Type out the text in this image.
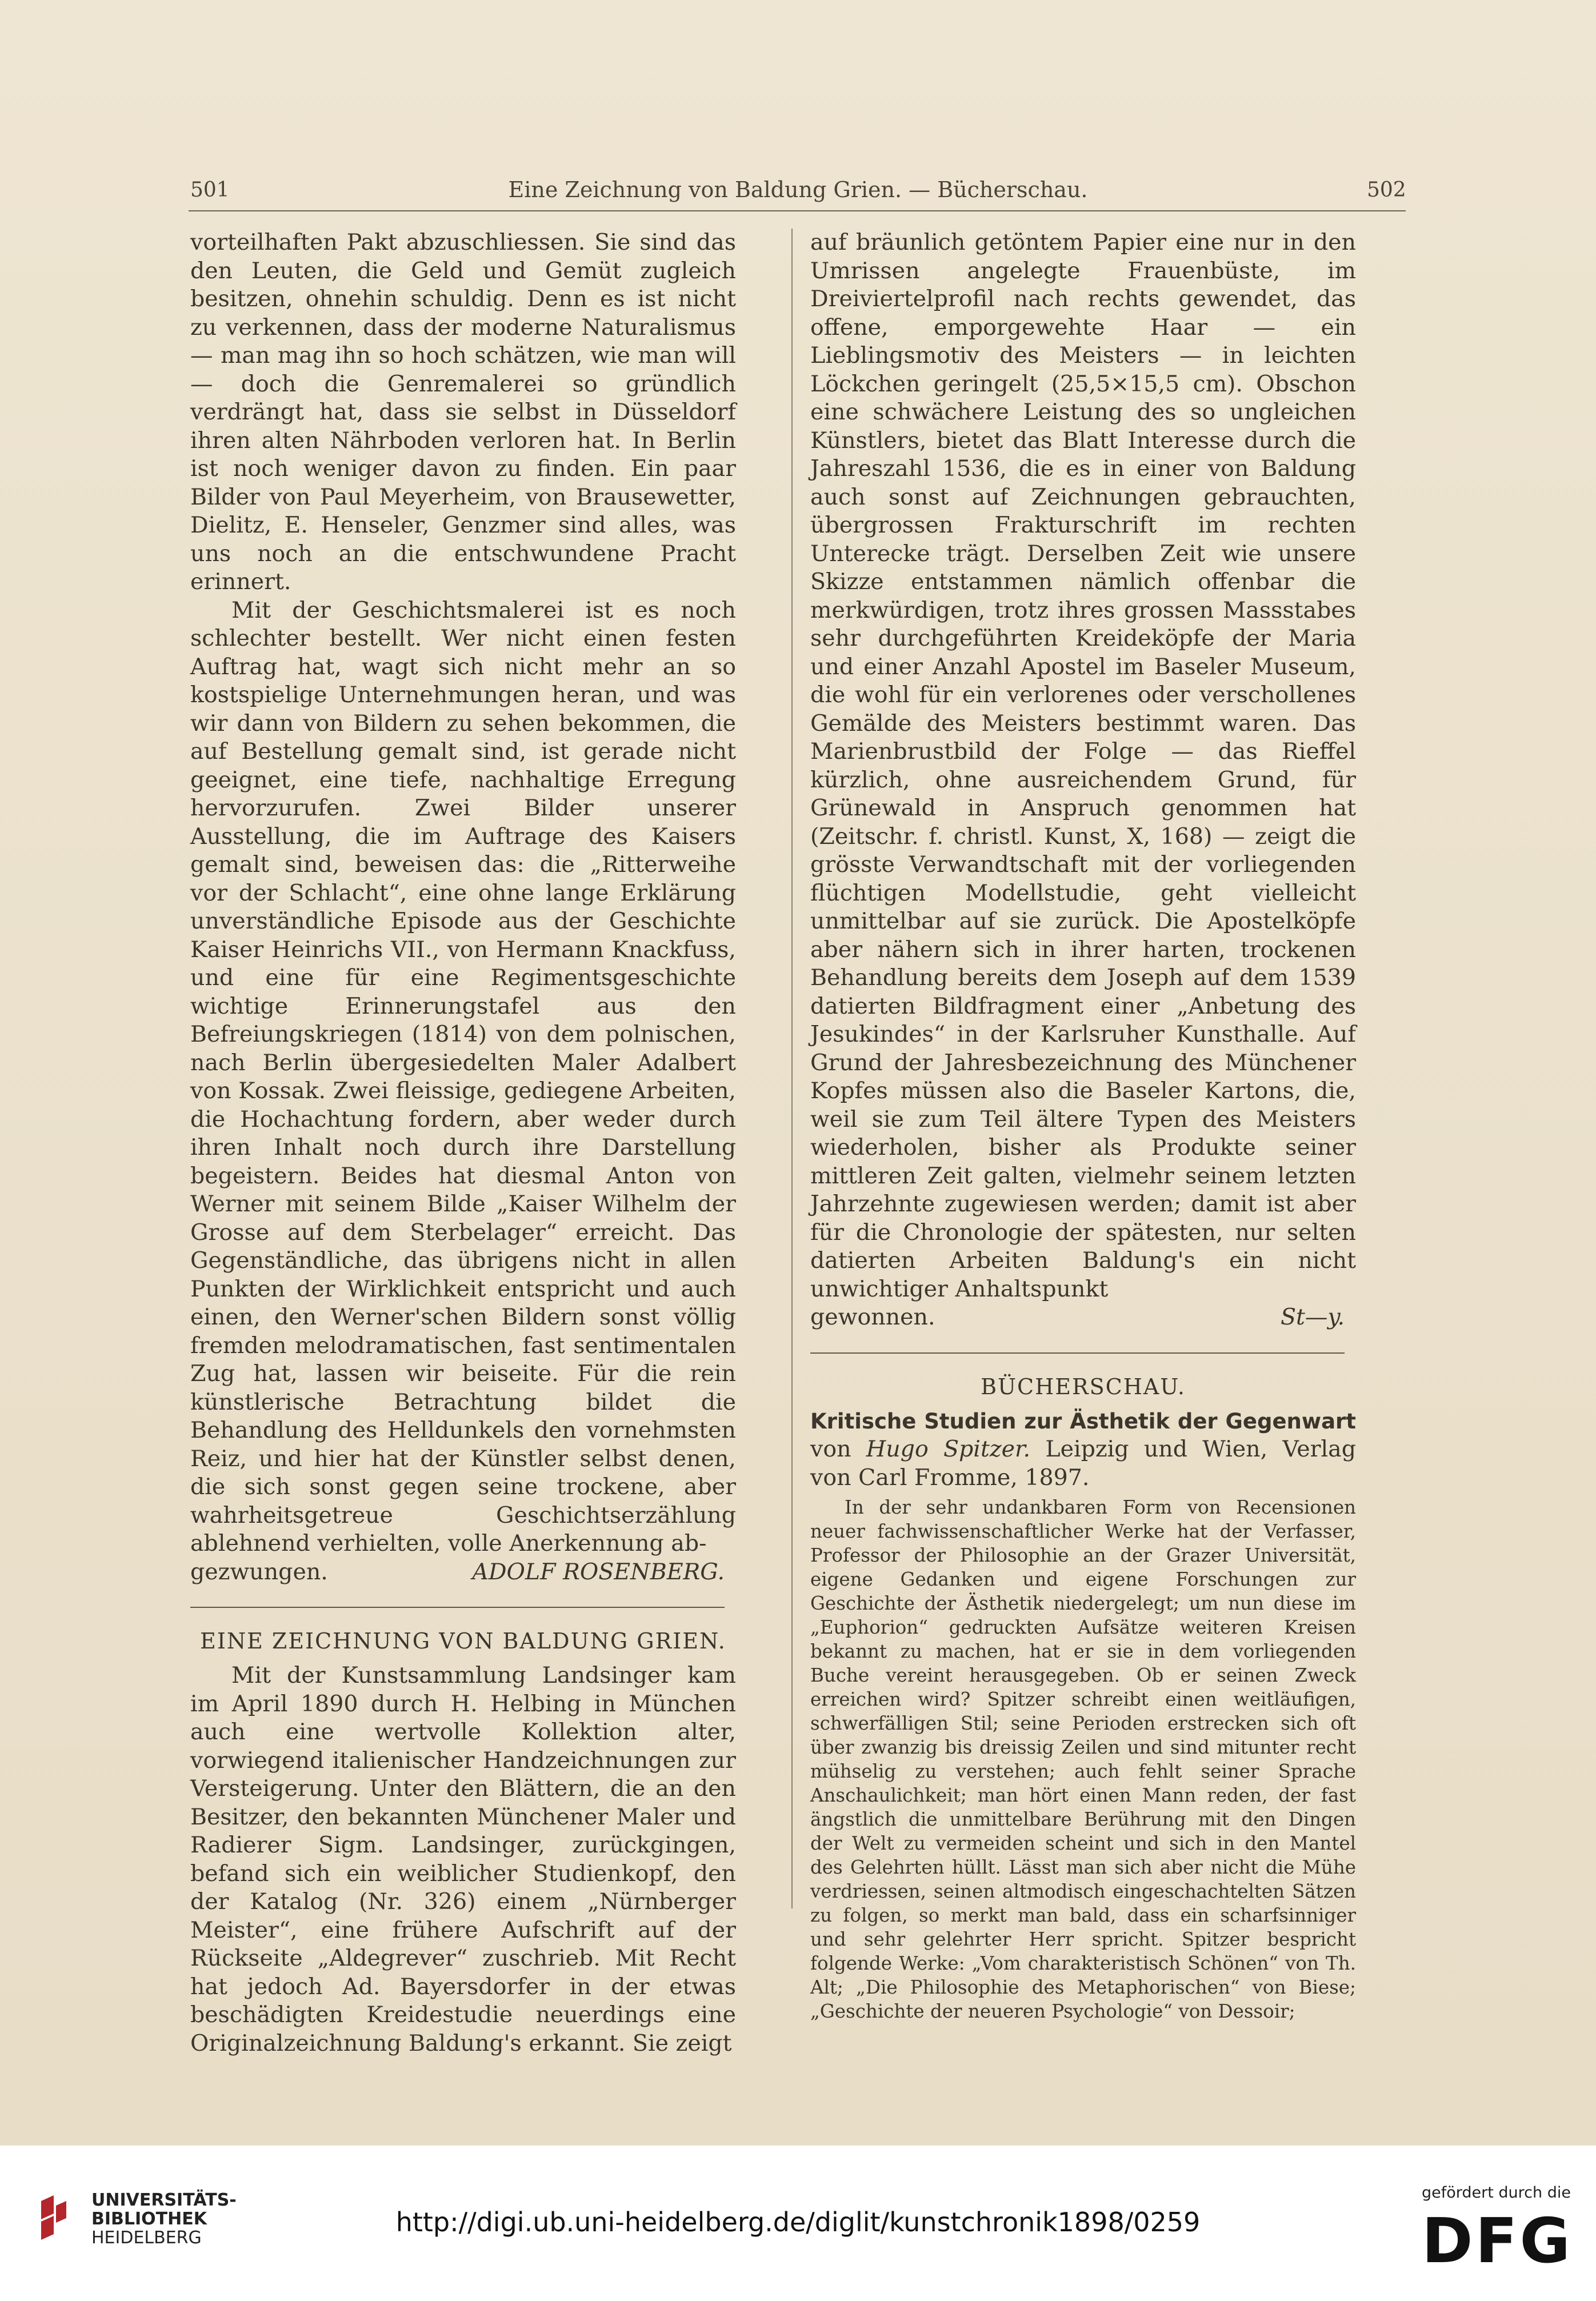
501	Eine Zeichnung von Baldung Grien. — Bücherschau.	502

vorteilhaften Pakt abzuschliessen. Sie sind das den Leuten, die Geld und Gemüt zugleich besitzen, ohnehin schuldig. Denn es ist nicht zu verkennen, dass der moderne Naturalismus — man mag ihn so hoch schätzen, wie man will — doch die Genremalerei so gründlich verdrängt hat, dass sie selbst in Düsseldorf ihren alten Nährboden verloren hat. In Berlin ist noch weniger davon zu finden. Ein paar Bilder von Paul Meyerheim, von Brausewetter, Dielitz, E. Henseler, Genzmer sind alles, was uns noch an die entschwundene Pracht erinnert.

Mit der Geschichtsmalerei ist es noch schlechter bestellt. Wer nicht einen festen Auftrag hat, wagt sich nicht mehr an so kostspielige Unternehmungen heran, und was wir dann von Bildern zu sehen bekommen, die auf Bestellung gemalt sind, ist gerade nicht geeignet, eine tiefe, nachhaltige Erregung hervorzurufen. Zwei Bilder unserer Ausstellung, die im Auftrage des Kaisers gemalt sind, beweisen das: die „Ritterweihe vor der Schlacht“, eine ohne lange Erklärung unverständliche Episode aus der Geschichte Kaiser Heinrichs VII., von Hermann Knackfuss, und eine für eine Regimentsgeschichte wichtige Erinnerungstafel aus den Befreiungskriegen (1814) von dem polnischen, nach Berlin übergesiedelten Maler Adalbert von Kossak. Zwei fleissige, gediegene Arbeiten, die Hochachtung fordern, aber weder durch ihren Inhalt noch durch ihre Darstellung begeistern. Beides hat diesmal Anton von Werner mit seinem Bilde „Kaiser Wilhelm der Grosse auf dem Sterbelager“ erreicht. Das Gegenständliche, das übrigens nicht in allen Punkten der Wirklichkeit entspricht und auch einen, den Werner'schen Bildern sonst völlig fremden melodramatischen, fast sentimentalen Zug hat, lassen wir beiseite. Für die rein künstlerische Betrachtung bildet die Behandlung des Helldunkels den vornehmsten Reiz, und hier hat der Künstler selbst denen, die sich sonst gegen seine trockene, aber wahrheitsgetreue Geschichtserzählung ablehnend verhielten, volle Anerkennung ab-

gezwungen.	ADOLF ROSENBERG.
EINE ZEICHNUNG VON BALDUNG GRIEN.

Mit der Kunstsammlung Landsinger kam im April 1890 durch H. Helbing in München auch eine wertvolle Kollektion alter, vorwiegend italienischer Handzeichnungen zur Versteigerung. Unter den Blättern, die an den Besitzer, den bekannten Münchener Maler und Radierer Sigm. Landsinger, zurückgingen, befand sich ein weiblicher Studienkopf, den der Katalog (Nr. 326) einem „Nürnberger Meister“, eine frühere Aufschrift auf der Rückseite „Aldegrever“ zuschrieb. Mit Recht hat jedoch Ad. Bayersdorfer in der etwas beschädigten Kreidestudie neuerdings eine Originalzeichnung Baldung's erkannt. Sie zeigt

auf bräunlich getöntem Papier eine nur in den Umrissen angelegte Frauenbüste, im Dreiviertelprofil nach rechts gewendet, das offene, emporgewehte Haar — ein Lieblingsmotiv des Meisters — in leichten Löckchen geringelt (25,5×15,5 cm). Obschon eine schwächere Leistung des so ungleichen Künstlers, bietet das Blatt Interesse durch die Jahreszahl 1536, die es in einer von Baldung auch sonst auf Zeichnungen gebrauchten, übergrossen Frakturschrift im rechten Unterecke trägt. Derselben Zeit wie unsere Skizze entstammen nämlich offenbar die merkwürdigen, trotz ihres grossen Massstabes sehr durchgeführten Kreideköpfe der Maria und einer Anzahl Apostel im Baseler Museum, die wohl für ein verlorenes oder verschollenes Gemälde des Meisters bestimmt waren. Das Marienbrustbild der Folge — das Rieffel kürzlich, ohne ausreichendem Grund, für Grünewald in Anspruch genommen hat (Zeitschr. f. christl. Kunst, X, 168) — zeigt die grösste Verwandtschaft mit der vorliegenden flüchtigen Modellstudie, geht vielleicht unmittelbar auf sie zurück. Die Apostelköpfe aber nähern sich in ihrer harten, trockenen Behandlung bereits dem Joseph auf dem 1539 datierten Bildfragment einer „Anbetung des Jesukindes“ in der Karlsruher Kunsthalle. Auf Grund der Jahresbezeichnung des Münchener Kopfes müssen also die Baseler Kartons, die, weil sie zum Teil ältere Typen des Meisters wiederholen, bisher als Produkte seiner mittleren Zeit galten, vielmehr seinem letzten Jahrzehnte zugewiesen werden; damit ist aber für die Chronologie der spätesten, nur selten datierten Arbeiten Baldung's ein nicht unwichtiger Anhaltspunkt

gewonnen.	St—y.
BÜCHERSCHAU.
Kritische Studien zur Ästhetik der Gegenwart von Hugo Spitzer. Leipzig und Wien, Verlag von Carl Fromme, 1897.

In der sehr undankbaren Form von Recensionen neuer fachwissenschaftlicher Werke hat der Verfasser, Professor der Philosophie an der Grazer Universität, eigene Gedanken und eigene Forschungen zur Geschichte der Ästhetik niedergelegt; um nun diese im „Euphorion“ gedruckten Aufsätze weiteren Kreisen bekannt zu machen, hat er sie in dem vorliegenden Buche vereint herausgegeben. Ob er seinen Zweck erreichen wird? Spitzer schreibt einen weitläufigen, schwerfälligen Stil; seine Perioden erstrecken sich oft über zwanzig bis dreissig Zeilen und sind mitunter recht mühselig zu verstehen; auch fehlt seiner Sprache Anschaulichkeit; man hört einen Mann reden, der fast ängstlich die unmittelbare Berührung mit den Dingen der Welt zu vermeiden scheint und sich in den Mantel des Gelehrten hüllt. Lässt man sich aber nicht die Mühe verdriessen, seinen altmodisch eingeschachtelten Sätzen zu folgen, so merkt man bald, dass ein scharfsinniger und sehr gelehrter Herr spricht. Spitzer bespricht folgende Werke: „Vom charakteristisch Schönen“ von Th. Alt; „Die Philosophie des Metaphorischen“ von Biese; „Geschichte der neueren Psychologie“ von Dessoir;

UNIVERSITÄTS-
BIBLIOTHEK
HEIDELBERG
http://digi.ub.uni-heidelberg.de/diglit/kunstchronik1898/0259
gefördert durch die
DFG
